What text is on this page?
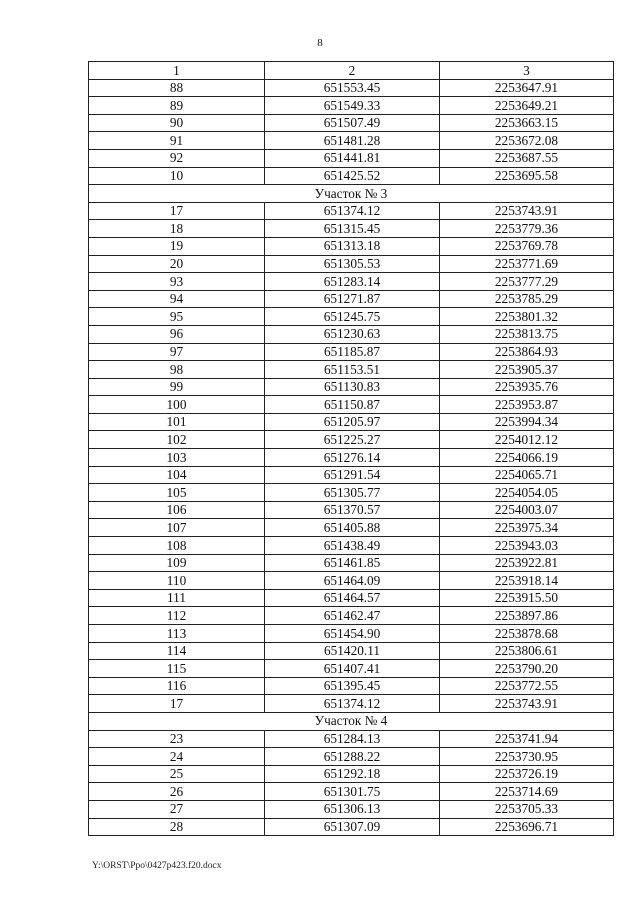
8
1	2	3
88	651553.45	2253647.91
89	651549.33	2253649.21
90	651507.49	2253663.15
91	651481.28	2253672.08
92	651441.81	2253687.55
10	651425.52	2253695.58
Участок № 3		
17	651374.12	2253743.91
18	651315.45	2253779.36
19	651313.18	2253769.78
20	651305.53	2253771.69
93	651283.14	2253777.29
94	651271.87	2253785.29
95	651245.75	2253801.32
96	651230.63	2253813.75
97	651185.87	2253864.93
98	651153.51	2253905.37
99	651130.83	2253935.76
100	651150.87	2253953.87
101	651205.97	2253994.34
102	651225.27	2254012.12
103	651276.14	2254066.19
104	651291.54	2254065.71
105	651305.77	2254054.05
106	651370.57	2254003.07
107	651405.88	2253975.34
108	651438.49	2253943.03
109	651461.85	2253922.81
110	651464.09	2253918.14
111	651464.57	2253915.50
112	651462.47	2253897.86
113	651454.90	2253878.68
114	651420.11	2253806.61
115	651407.41	2253790.20
116	651395.45	2253772.55
17	651374.12	2253743.91
Участок № 4		
23	651284.13	2253741.94
24	651288.22	2253730.95
25	651292.18	2253726.19
26	651301.75	2253714.69
27	651306.13	2253705.33
28	651307.09	2253696.71
Y:\ORST\Ppo\0427p423.f20.docx
